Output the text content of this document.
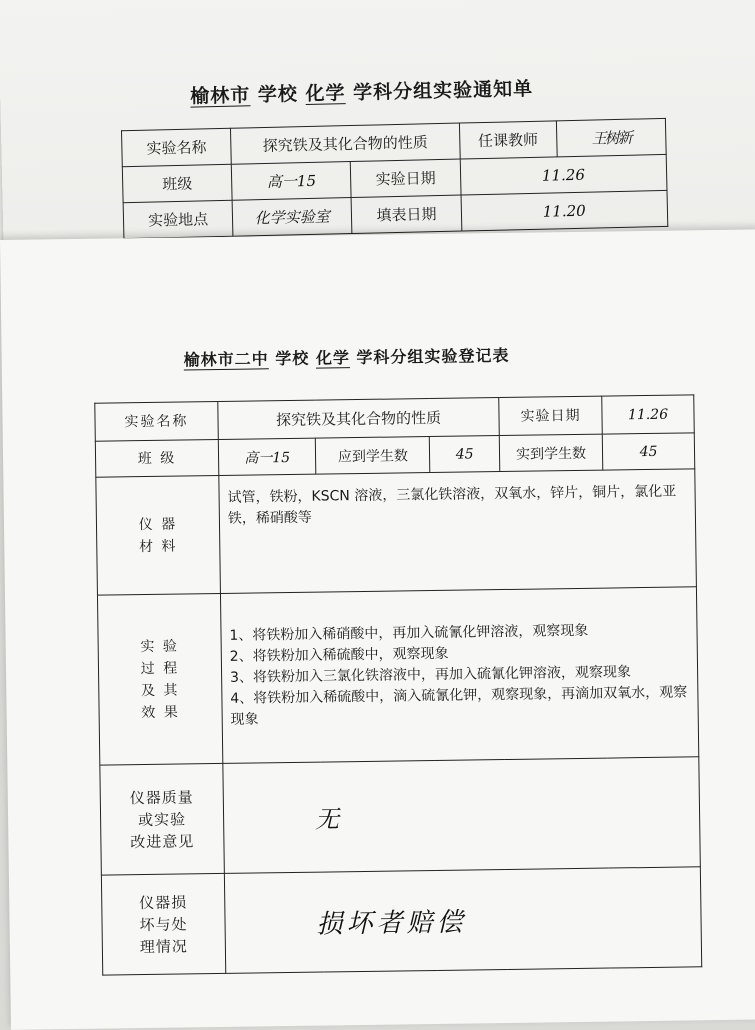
榆林市 学校 化学 学科分组实验通知单
实验名称	探究铁及其化合物的性质		任课教师	王树新
班级	高一15	实验日期	11.26	
实验地点	化学实验室	填表日期	11.20	
榆林市二中 学校 化学 学科分组实验登记表
实验名称	探究铁及其化合物的性质			实验日期	11.26
班 级	高一15	应到学生数	45	实到学生数	45

仪 器
材 料	试管，铁粉，KSCN 溶液，三氯化铁溶液，双氧水，锌片，铜片，氯化亚铁，稀硝酸等				

实 验
过 程
及 其
效 果	1、将铁粉加入稀硝酸中，再加入硫氰化钾溶液，观察现象
2、将铁粉加入稀硫酸中，观察现象
3、将铁粉加入三氯化铁溶液中，再加入硫氰化钾溶液，观察现象
4、将铁粉加入稀硫酸中，滴入硫氰化钾，观察现象，再滴加双氧水，观察现象				

仪器质量
或实验
改进意见	无				

仪器损
坏与处
理情况	损坏者赔偿				
